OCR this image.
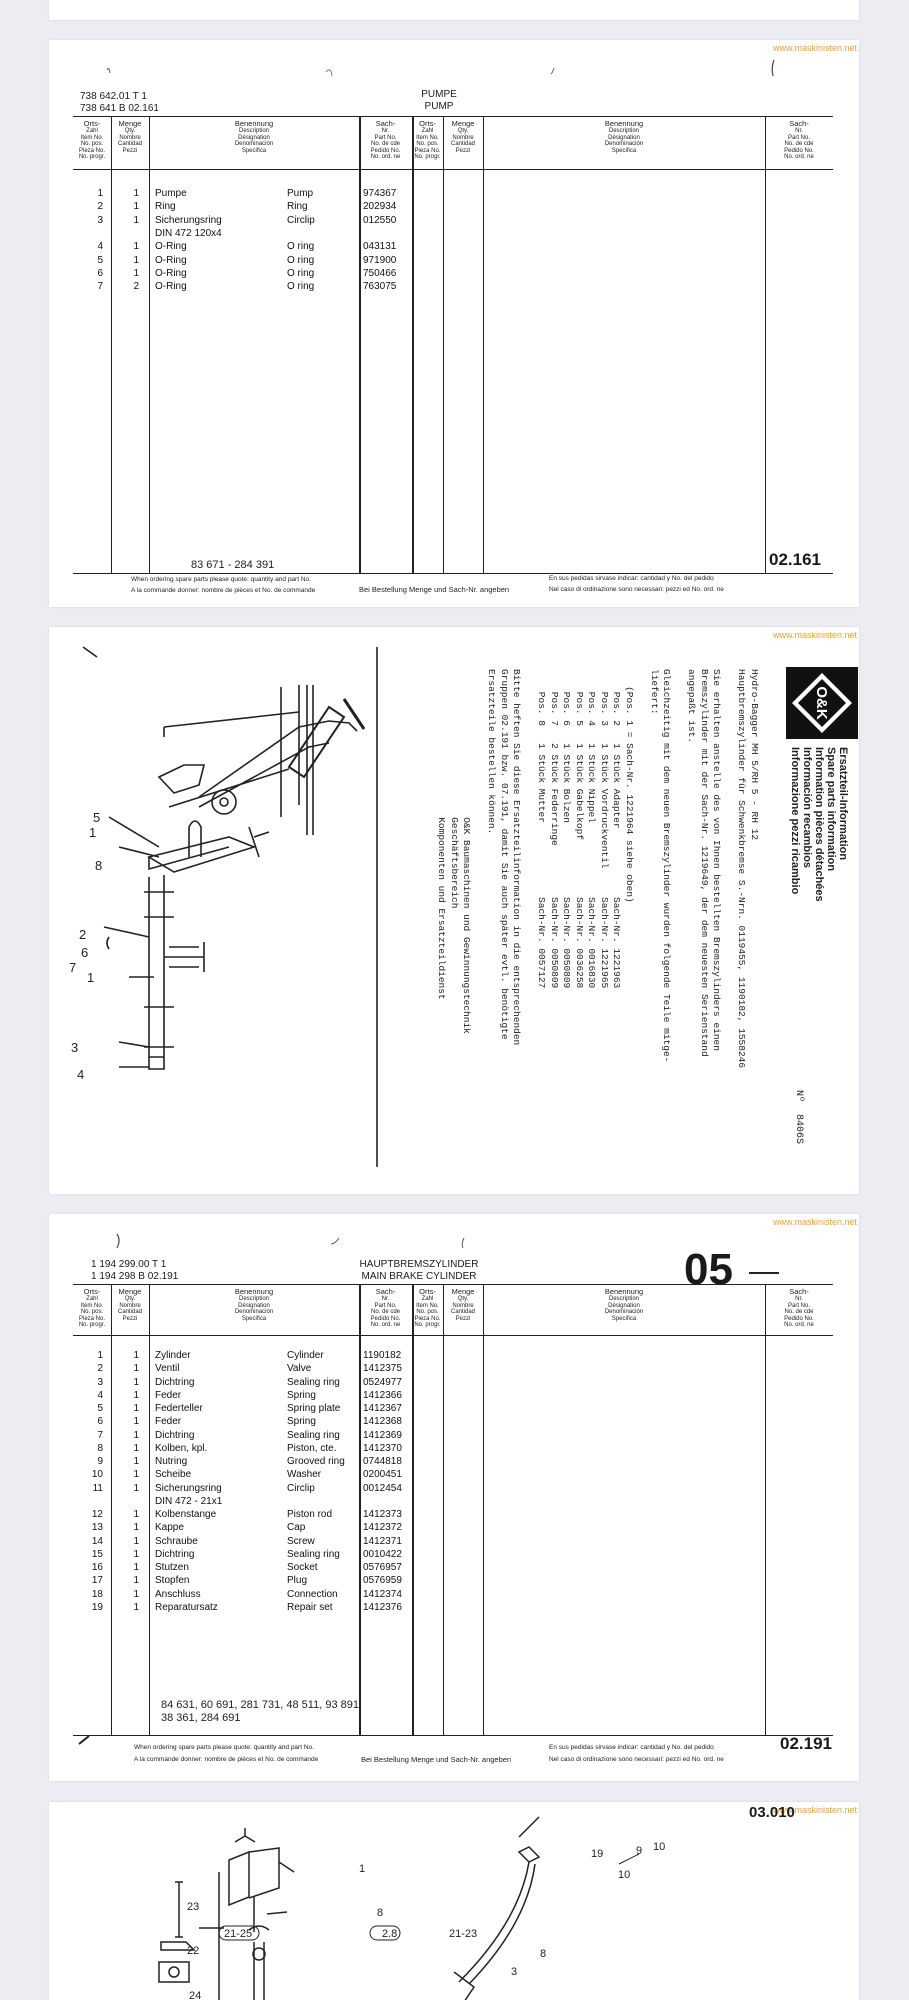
www.maskinisten.net
738 642.01 T 1
738 641 B 02.161
PUMPE
PUMP
83 671 - 284 391	02.161
When ordering spare parts please quote: quantity and part No.
A la commande donner: nombre de pièces et No. de commande	Bei Bestellung Menge und Sach-Nr. angeben
En sus pedidas sirvase indicar: cantidad y No. del pedido
Nel caso di ordinazione sono necessari: pezzi ed No. ord. ne
Orts-

Zahl
Item No.
No. pos.
Pieza No.
No. progr.
Menge

Qty.
Nombre
Cantidad
Pezzi
Benennung

Description
Désignation
Denominación
Specifica
Sach-

Nr.
Part No.
No. de cde
Pedido No.
No. ord. ne
Orts-

Zahl
Item No.
No. pos.
Pieza No.
No. progr.
Menge

Qty.
Nombre
Cantidad
Pezzi
Benennung

Description
Désignation
Denominación
Specifica
Sach-

Nr.
Part No.
No. de cde
Pedido No.
No. ord. ne
1	1 Pumpe	Pump	974367
2	1 Ring	Ring	202934
3	1 Sicherungsring	Circlip	012550
DIN 472 120x4
4	1 O-Ring	O ring	043131
5	1 O-Ring	O ring	971900
6	1 O-Ring	O ring	750466
7	2 O-Ring	O ring	763075
www.maskinisten.net
O&K
Ersatzteil-Information
Spare parts information
Information pièces détachées
Información recambios
Informazione pezzi ricambio
Nº  8406S
Hydro-Bagger MH 5/RH 5 - RH 12
Hauptbremszylinder für Schwenkbremse S.-Nrn. 0119455, 1190182, 1558246

Sie erhalten anstelle des von Ihnen bestellten Bremszylinders einen
Bremszylinder mit der Sach-Nr. 1219649, der dem neuesten Serienstand
angepaßt ist.

Gleichzeitig mit dem neuen Bremszylinder wurden folgende Teile mitge-
liefert:

(Pos. 1 = Sach-Nr. 1221964 siehe oben)
Pos. 2   1 Stück Adapter            Sach-Nr. 1221963
Pos. 3   1 Stück Vordruckventil     Sach-Nr. 1221965
Pos. 4   1 Stück Nippel             Sach-Nr. 0016830
Pos. 5   1 Stück Gabelkopf          Sach-Nr. 0036258
Pos. 6   1 Stück Bolzen             Sach-Nr. 0050809
Pos. 7   2 Stück Federringe         Sach-Nr. 0050809
Pos. 8   1 Stück Mutter             Sach-Nr. 0057127

Bitte heften Sie diese Ersatzteilinformation in die entsprechenden
Gruppen 02.191 bzw. 07.191, damit Sie auch später evtl. benötigte
Ersatzteile bestellen können.

O&K Baumaschinen und Gewinnungstechnik
Geschäftsbereich
Komponenten und Ersatzteildienst
5
1
8
2
6
7
1
3
4
www.maskinisten.net
1 194 299.00 T 1
1 194 298 B 02.191
HAUPTBREMSZYLINDER
MAIN BRAKE CYLINDER	05
84 631, 60 691, 281 731, 48 511, 93 891,
38 361, 284 691
02.191
When ordering spare parts please quote: quantity and part No.
A la commande donner: nombre de pièces et No. de commande	Bei Bestellung Menge und Sach-Nr. angeben
En sus pedidas sirvase indicar: cantidad y No. del pedido
Nel caso di ordinazione sono necessari: pezzi ed No. ord. ne
Orts-

Zahl
Item No.
No. pos.
Pieza No.
No. progr.
Menge

Qty.
Nombre
Cantidad
Pezzi
Benennung

Description
Désignation
Denominación
Specifica
Sach-

Nr.
Part No.
No. de cde
Pedido No.
No. ord. ne
Orts-

Zahl
Item No.
No. pos.
Pieza No.
No. progr.
Menge

Qty.
Nombre
Cantidad
Pezzi
Benennung

Description
Désignation
Denominación
Specifica
Sach-

Nr.
Part No.
No. de cde
Pedido No.
No. ord. ne
1	1 Zylinder	Cylinder	1190182
2	1 Ventil	Valve	1412375
3	1 Dichtring	Sealing ring	0524977
4	1 Feder	Spring	1412366
5	1 Federteller	Spring plate	1412367
6	1 Feder	Spring	1412368
7	1 Dichtring	Sealing ring	1412369
8	1 Kolben, kpl.	Piston, cte.	1412370
9	1 Nutring	Grooved ring	0744818
10	1 Scheibe	Washer	0200451
11	1 Sicherungsring	Circlip	0012454
DIN 472 - 21x1
12	1 Kolbenstange	Piston rod	1412373
13	1 Kappe	Cap	1412372
14	1 Schraube	Screw	1412371
15	1 Dichtring	Sealing ring	0010422
16	1 Stutzen	Socket	0576957
17	1 Stopfen	Plug	0576959
18	1 Anschluss	Connection	1412374
19	1 Reparatursatz	Repair set	1412376
www.maskinisten.net
03.010
1
23
22
24
8
2.8
21-25	21-23
19	9 10
10
8
3
